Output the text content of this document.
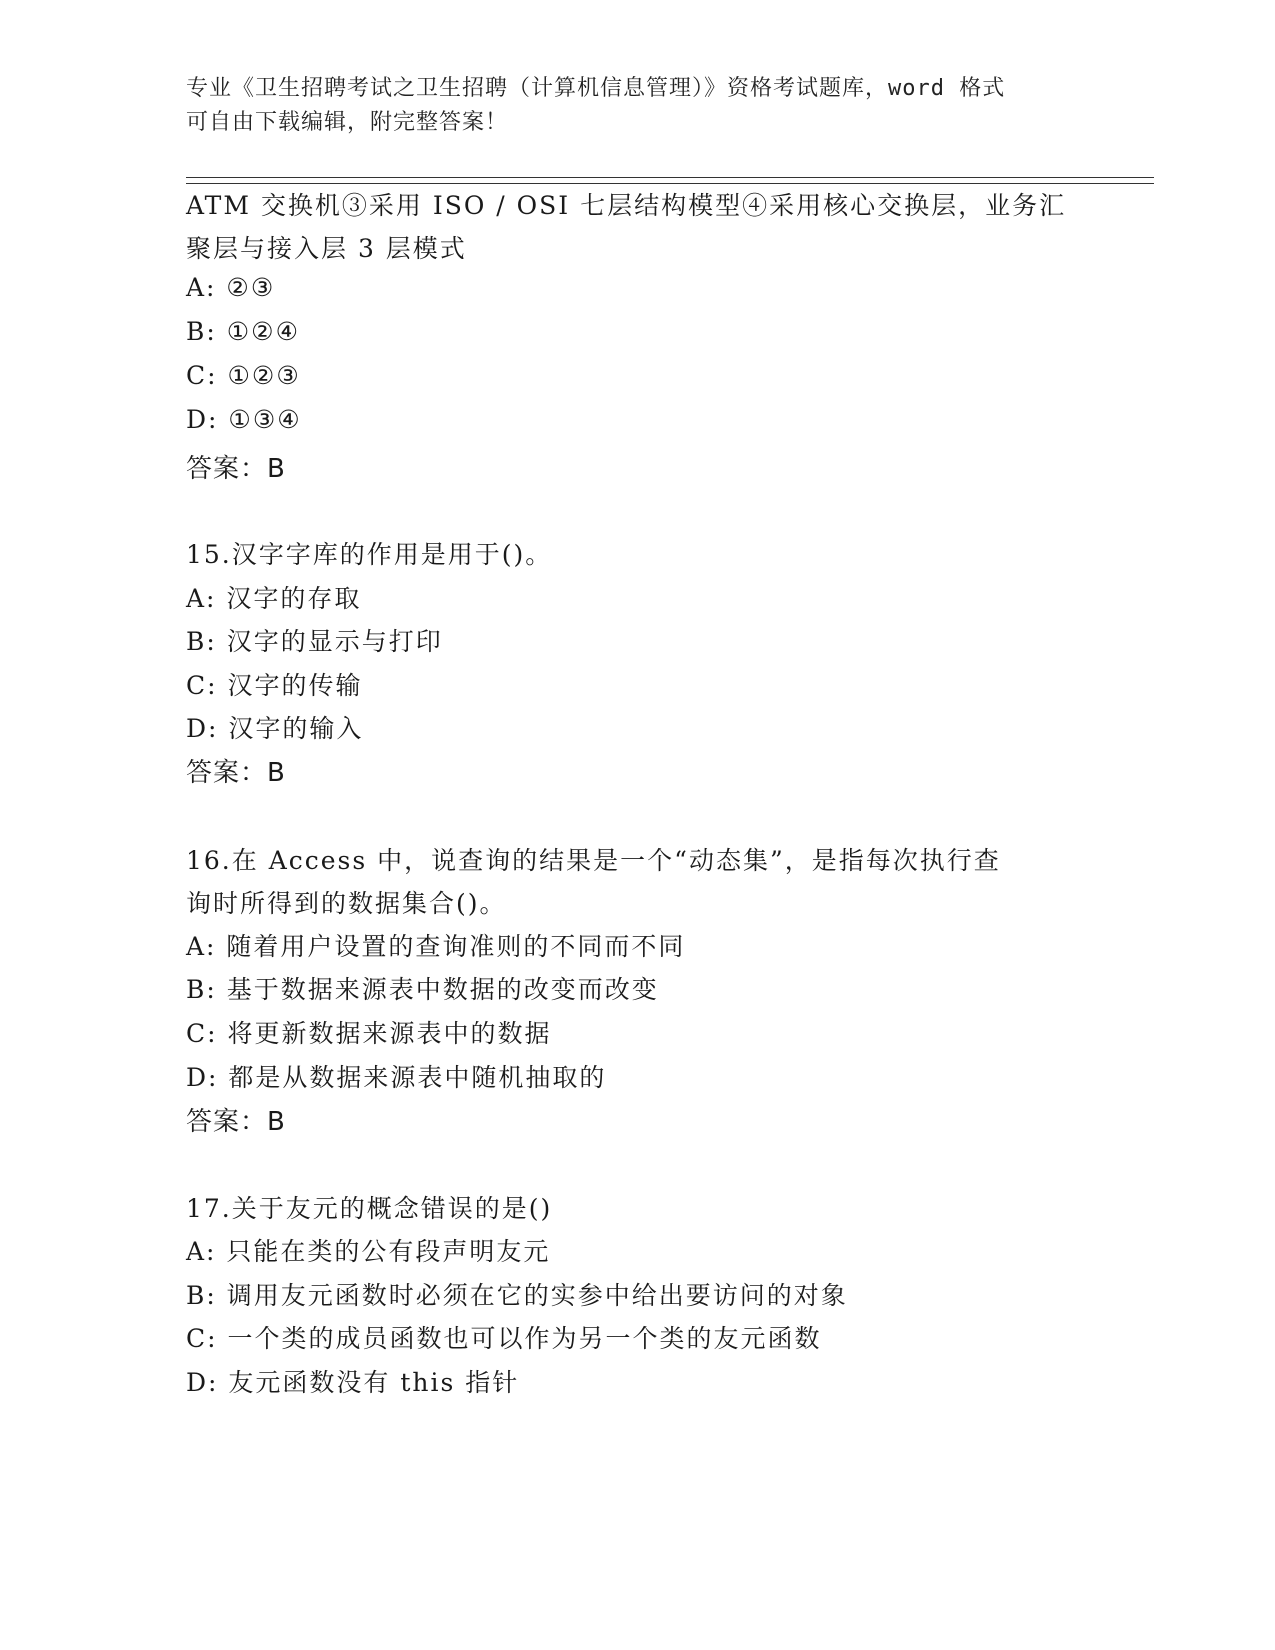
专业《卫生招聘考试之卫生招聘（计算机信息管理）》资格考试题库，word 格式
可自由下载编辑，附完整答案！
ATM 交换机③采用 ISO / OSI 七层结构模型④采用核心交换层，业务汇
聚层与接入层 3 层模式
A: ②③
B: ①②④
C: ①②③
D: ①③④
答案：B
15.汉字字库的作用是用于()。
A: 汉字的存取
B: 汉字的显示与打印
C: 汉字的传输
D: 汉字的输入
答案：B
16.在 Access 中，说查询的结果是一个“动态集”，是指每次执行查
询时所得到的数据集合()。
A: 随着用户设置的查询准则的不同而不同
B: 基于数据来源表中数据的改变而改变
C: 将更新数据来源表中的数据
D: 都是从数据来源表中随机抽取的
答案：B
17.关于友元的概念错误的是()
A: 只能在类的公有段声明友元
B: 调用友元函数时必须在它的实参中给出要访问的对象
C: 一个类的成员函数也可以作为另一个类的友元函数
D: 友元函数没有 this 指针
